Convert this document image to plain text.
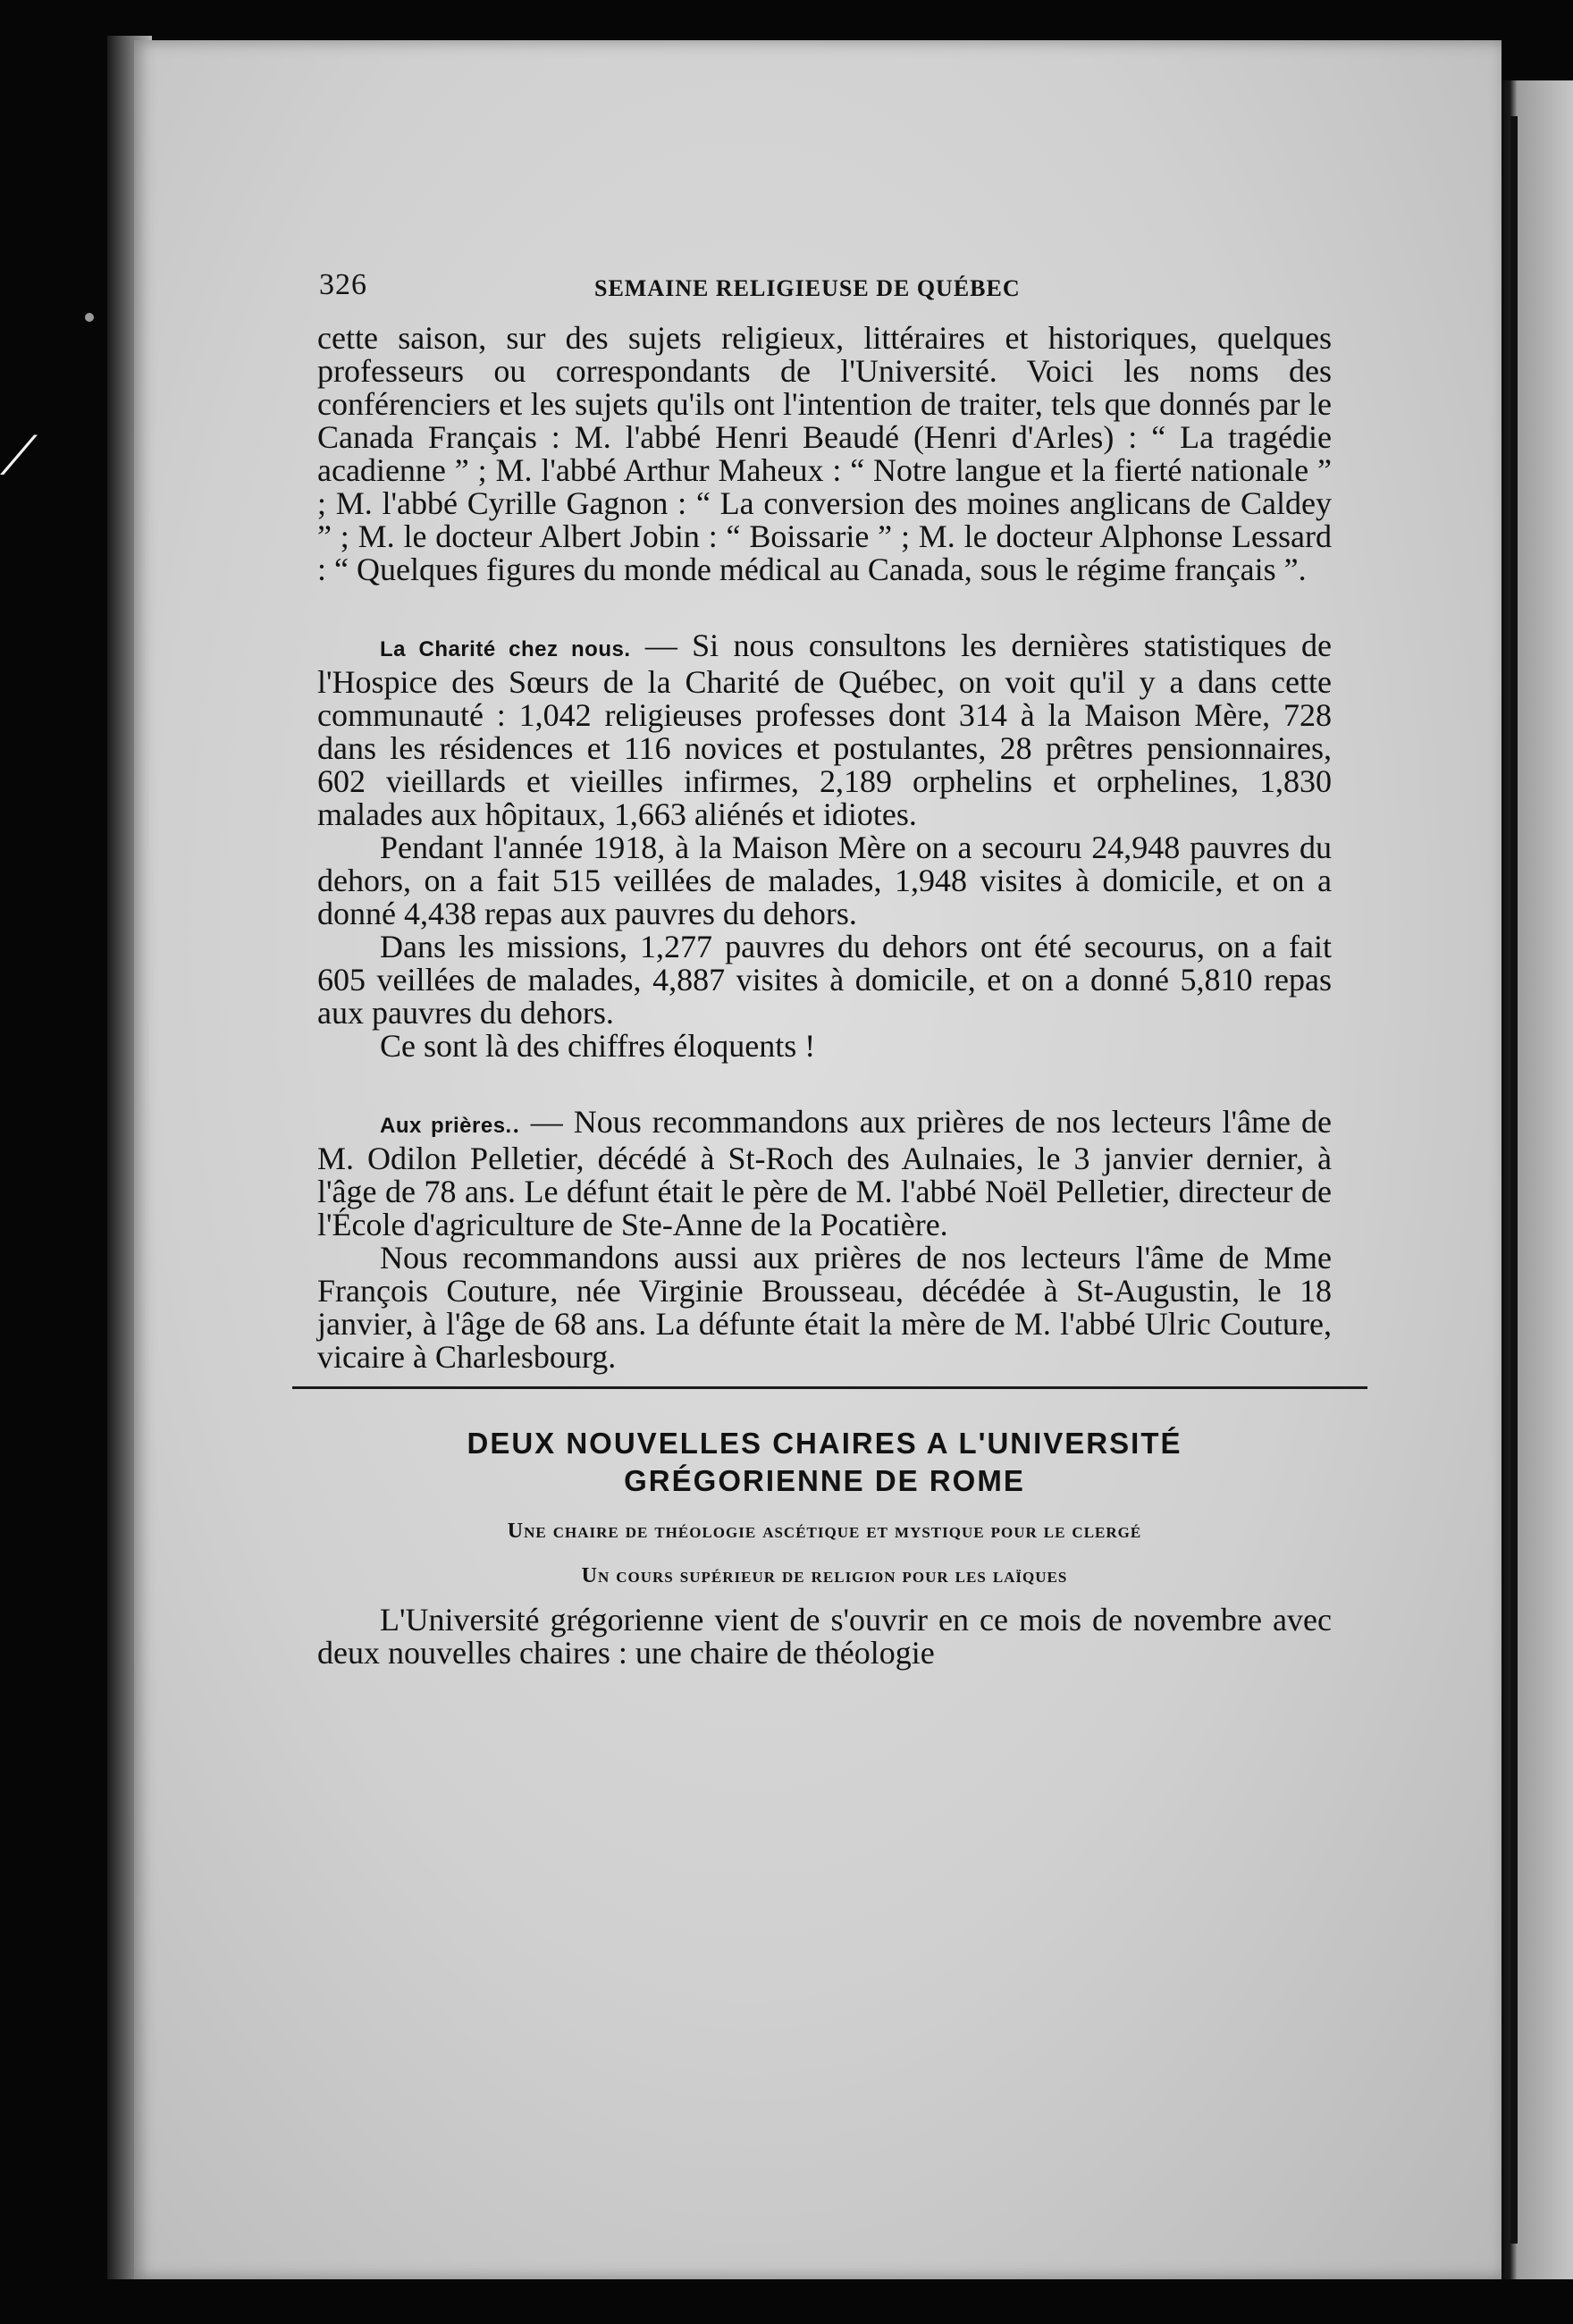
⟋
326	SEMAINE RELIGIEUSE DE QUÉBEC

cette saison, sur des sujets religieux, littéraires et historiques, quelques professeurs ou correspondants de l'Université. Voici les noms des conférenciers et les sujets qu'ils ont l'intention de traiter, tels que donnés par le Canada Français : M. l'abbé Henri Beaudé (Henri d'Arles) : “ La tragédie acadienne ” ; M. l'abbé Arthur Maheux : “ Notre langue et la fierté nationale ” ; M. l'abbé Cyrille Gagnon : “ La conversion des moines anglicans de Caldey ” ; M. le docteur Albert Jobin : “ Boissarie ” ; M. le docteur Alphonse Lessard : “ Quelques figures du monde médical au Canada, sous le régime français ”.

La Charité chez nous. — Si nous consultons les dernières statistiques de l'Hospice des Sœurs de la Charité de Québec, on voit qu'il y a dans cette communauté : 1,042 religieuses professes dont 314 à la Maison Mère, 728 dans les résidences et 116 novices et postulantes, 28 prêtres pensionnaires, 602 vieillards et vieilles infirmes, 2,189 orphelins et orphelines, 1,830 malades aux hôpitaux, 1,663 aliénés et idiotes.

Pendant l'année 1918, à la Maison Mère on a secouru 24,948 pauvres du dehors, on a fait 515 veillées de malades, 1,948 visites à domicile, et on a donné 4,438 repas aux pauvres du dehors.

Dans les missions, 1,277 pauvres du dehors ont été secourus, on a fait 605 veillées de malades, 4,887 visites à domicile, et on a donné 5,810 repas aux pauvres du dehors.

Ce sont là des chiffres éloquents !

Aux prières.. — Nous recommandons aux prières de nos lecteurs l'âme de M. Odilon Pelletier, décédé à St-Roch des Aulnaies, le 3 janvier dernier, à l'âge de 78 ans. Le défunt était le père de M. l'abbé Noël Pelletier, directeur de l'École d'agriculture de Ste-Anne de la Pocatière.

Nous recommandons aussi aux prières de nos lecteurs l'âme de Mme François Couture, née Virginie Brousseau, décédée à St-Augustin, le 18 janvier, à l'âge de 68 ans. La défunte était la mère de M. l'abbé Ulric Couture, vicaire à Charlesbourg.

DEUX NOUVELLES CHAIRES A L'UNIVERSITÉ
GRÉGORIENNE DE ROME
Une chaire de théologie ascétique et mystique pour le clergé
Un cours supérieur de religion pour les laïques

L'Université grégorienne vient de s'ouvrir en ce mois de novembre avec deux nouvelles chaires : une chaire de théologie
